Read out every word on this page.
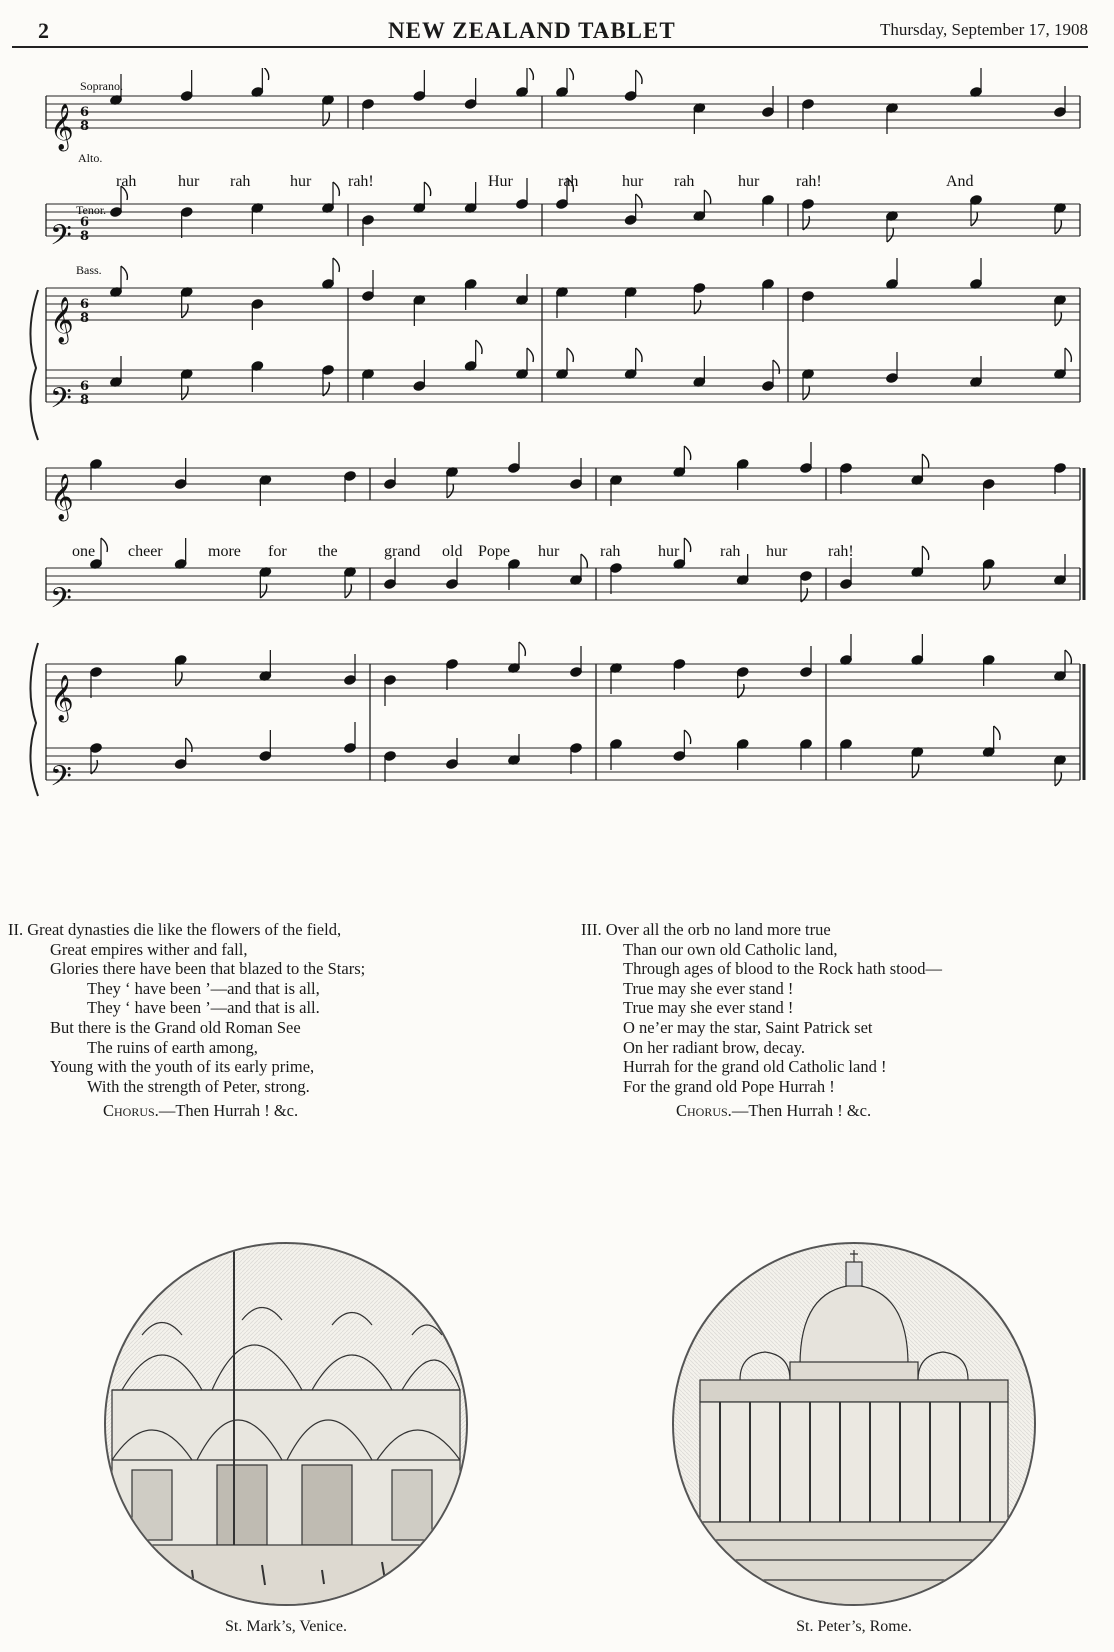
2	NEW ZEALAND TABLET	Thursday, September 17, 1908
𝄞
𝄢
𝄞
𝄢
𝄞
𝄢
𝄞
𝄢
6
8
6
8
6
8
6
8
Soprano.
Alto.
Tenor.
Bass.
rah	hur rah hur rah!	Hur	rah	hur rah	hur rah!	And
one cheer	more for the	grand old Pope hur	rah hur	rah hur	rah!
II. Great dynasties die like the flowers of the field,
Great empires wither and fall,
Glories there have been that blazed to the Stars;
They ‘ have been ’—and that is all,
They ‘ have been ’—and that is all.
But there is the Grand old Roman See
The ruins of earth among,
Young with the youth of its early prime,
With the strength of Peter, strong.
Chorus.—Then Hurrah ! &c.
III. Over all the orb no land more true
Than our own old Catholic land,
Through ages of blood to the Rock hath stood—
True may she ever stand !
True may she ever stand !
O ne’er may the star, Saint Patrick set
On her radiant brow, decay.
Hurrah for the grand old Catholic land !
For the grand old Pope Hurrah !
Chorus.—Then Hurrah ! &c.
St. Mark’s, Venice.	St. Peter’s, Rome.
